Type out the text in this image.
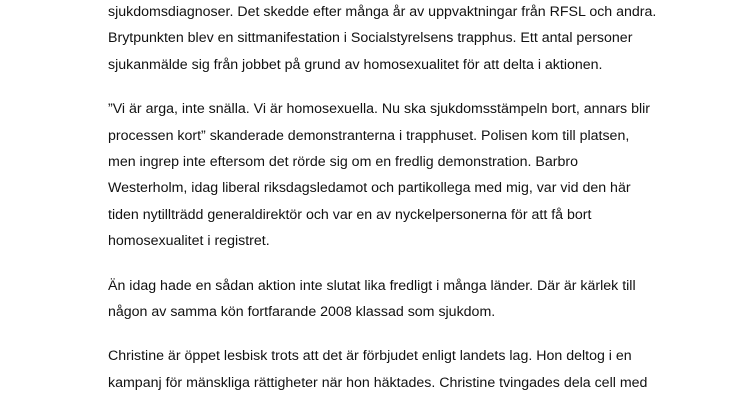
sjukdomsdiagnoser. Det skedde efter många år av uppvaktningar från RFSL och andra.
Brytpunkten blev en sittmanifestation i Socialstyrelsens trapphus. Ett antal personer
sjukanmälde sig från jobbet på grund av homosexualitet för att delta i aktionen.

”Vi är arga, inte snälla. Vi är homosexuella. Nu ska sjukdomsstämpeln bort, annars blir
processen kort” skanderade demonstranterna i trapphuset. Polisen kom till platsen,
men ingrep inte eftersom det rörde sig om en fredlig demonstration. Barbro
Westerholm, idag liberal riksdagsledamot och partikollega med mig, var vid den här
tiden nytillträdd generaldirektör och var en av nyckelpersonerna för att få bort
homosexualitet i registret.

Än idag hade en sådan aktion inte slutat lika fredligt i många länder. Där är kärlek till
någon av samma kön fortfarande 2008 klassad som sjukdom.

Christine är öppet lesbisk trots att det är förbjudet enligt landets lag. Hon deltog i en
kampanj för mänskliga rättigheter när hon häktades. Christine tvingades dela cell med
